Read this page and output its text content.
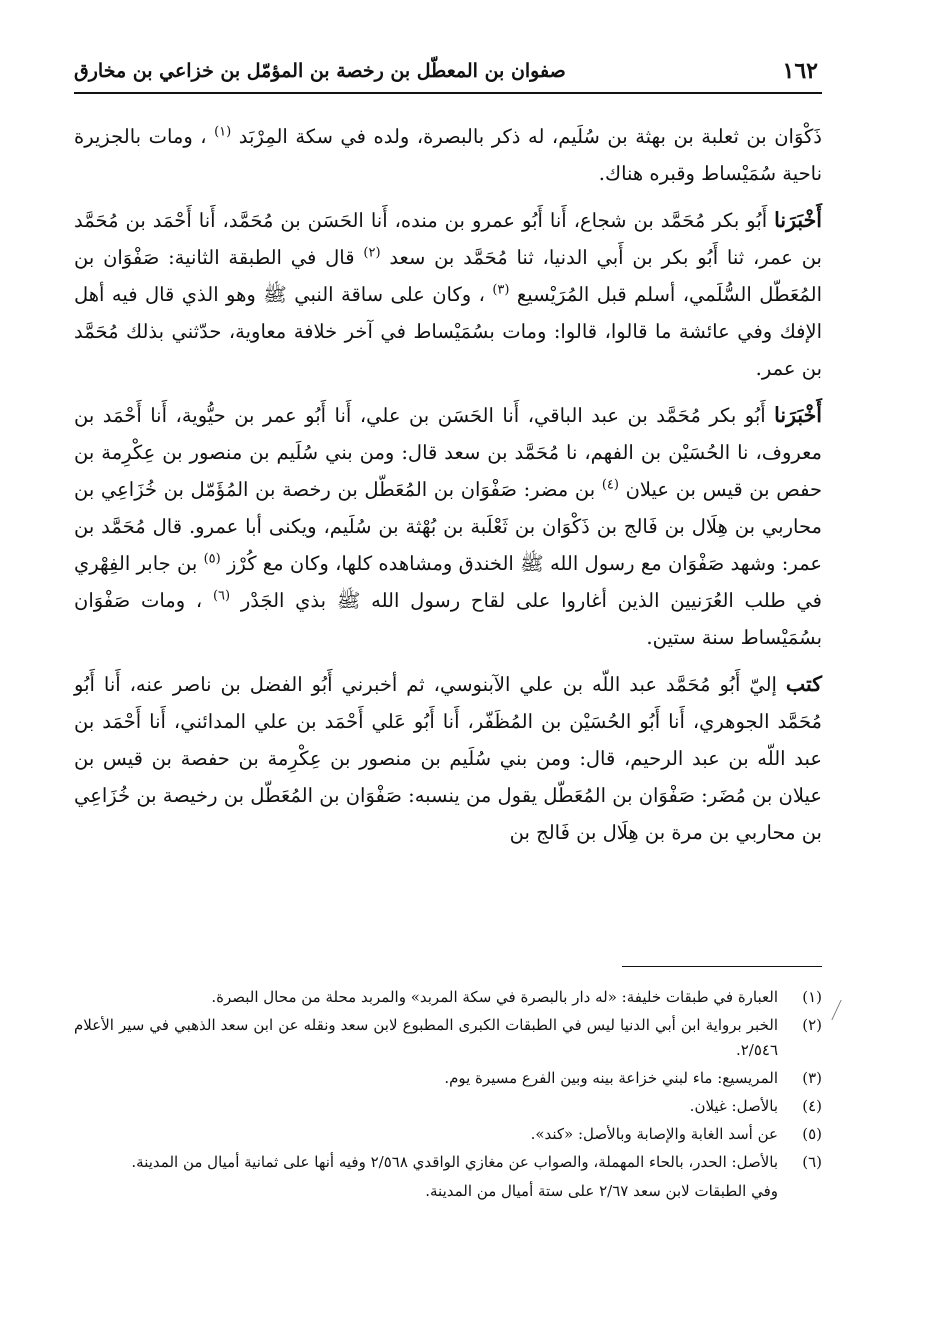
١٦٢
صفوان بن المعطّل بن رخصة بن المؤمّل بن خزاعي بن مخارق

ذَكْوَان بن ثعلبة بن بهثة بن سُلَيم، له ذكر بالبصرة، ولده في سكة المِرْبَد $^{(١)}$ ، ومات بالجزيرة ناحية سُمَيْساط وقبره هناك.

أَخْبَرَنا أَبُو بكر مُحَمَّد بن شجاع، أَنا أَبُو عمرو بن منده، أَنا الحَسَن بن مُحَمَّد، أَنا أَحْمَد بن مُحَمَّد بن عمر، ثنا أَبُو بكر بن أَبي الدنيا، ثنا مُحَمَّد بن سعد $^{(٢)}$ قال في الطبقة الثانية: صَفْوَان بن المُعَطّل السُّلَمي، أسلم قبل المُرَيْسيع $^{(٣)}$ ، وكان على ساقة النبي ﷺ وهو الذي قال فيه أهل الإفك وفي عائشة ما قالوا، قالوا: ومات بسُمَيْساط في آخر خلافة معاوية، حدّثني بذلك مُحَمَّد بن عمر.

أَخْبَرَنا أَبُو بكر مُحَمَّد بن عبد الباقي، أَنا الحَسَن بن علي، أَنا أَبُو عمر بن حيُّوية، أَنا أَحْمَد بن معروف، نا الحُسَيْن بن الفهم، نا مُحَمَّد بن سعد قال: ومن بني سُلَيم بن منصور بن عِكْرِمة بن حفص بن قيس بن عيلان $^{(٤)}$ بن مضر: صَفْوَان بن المُعَطّل بن رخصة بن المُؤَمّل بن خُزَاعِي بن محاربي بن هِلَال بن فَالج بن ذَكْوَان بن ثَعْلَبة بن بُهْثة بن سُلَيم، ويكنى أبا عمرو. قال مُحَمَّد بن عمر: وشهد صَفْوَان مع رسول الله ﷺ الخندق ومشاهده كلها، وكان مع كُرْز $^{(٥)}$ بن جابر الفِهْري في طلب العُرَنيين الذين أغاروا على لقاح رسول الله ﷺ بذي الجَدْر $^{(٦)}$ ، ومات صَفْوَان بسُمَيْساط سنة ستين.

كتب إليّ أَبُو مُحَمَّد عبد اللّه بن علي الآبنوسي، ثم أخبرني أَبُو الفضل بن ناصر عنه، أَنا أَبُو مُحَمَّد الجوهري، أَنا أَبُو الحُسَيْن بن المُظَفّر، أَنا أَبُو عَلي أَحْمَد بن علي المدائني، أَنا أَحْمَد بن عبد اللّه بن عبد الرحيم، قال: ومن بني سُلَيم بن منصور بن عِكْرِمة بن حفصة بن قيس بن عيلان بن مُضَر: صَفْوَان بن المُعَطّل يقول من ينسبه: صَفْوَان بن المُعَطّل بن رخيصة بن خُزَاعِي بن محاربي بن مرة بن هِلَال بن فَالج بن

(١)
العبارة في طبقات خليفة: «له دار بالبصرة في سكة المربد» والمربد محلة من محال البصرة.
(٢)
الخبر برواية ابن أبي الدنيا ليس في الطبقات الكبرى المطبوع لابن سعد ونقله عن ابن سعد الذهبي في سير الأعلام ٢/٥٤٦.
(٣)
المريسيع: ماء لبني خزاعة بينه وبين الفرع مسيرة يوم.
(٤)
بالأصل: غيلان.
(٥)
عن أسد الغابة والإصابة وبالأصل: «كند».
(٦)
بالأصل: الحدر، بالحاء المهملة، والصواب عن مغازي الواقدي ٢/٥٦٨ وفيه أنها على ثمانية أميال من المدينة.
وفي الطبقات لابن سعد ٢/٦٧ على ستة أميال من المدينة.
